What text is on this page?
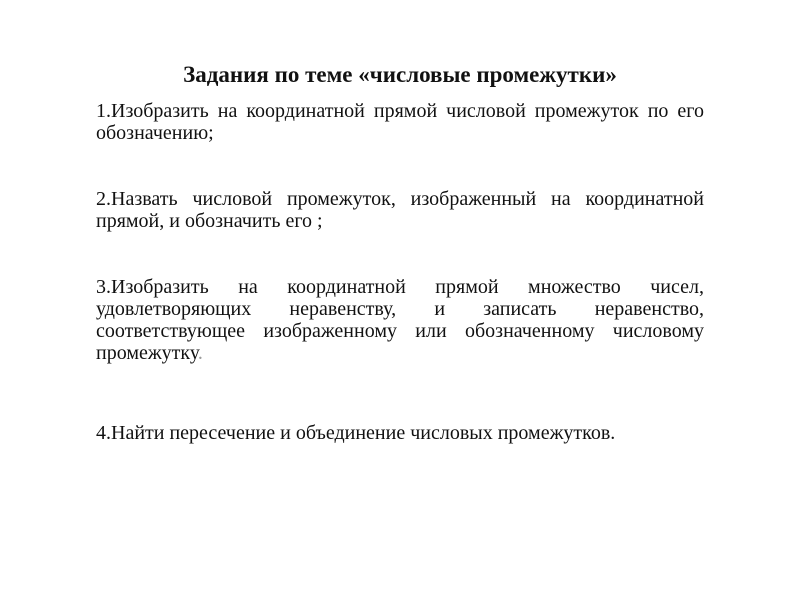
Задания по теме «числовые промежутки»

1.Изобразить на координатной прямой числовой промежуток по его обозначению;

2.Назвать числовой промежуток, изображенный на координатной прямой, и обозначить его ;

3.Изобразить на координатной прямой множество чисел, удовлетворяющих неравенству, и записать неравенство, соответствующее изображенному или обозначенному числовому промежутку.

4.Найти пересечение и объединение числовых промежутков.
